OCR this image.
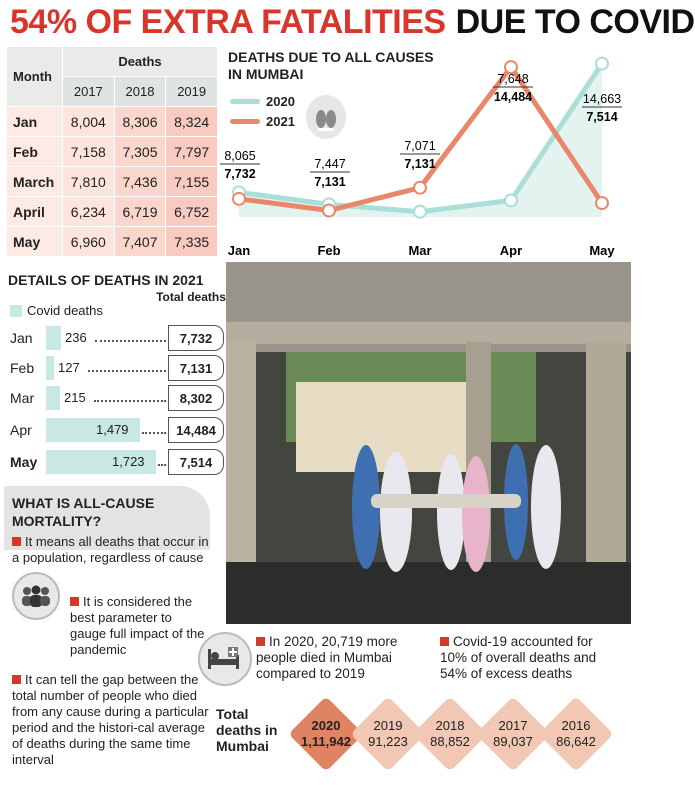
54% OF EXTRA FATALITIES DUE TO COVID
Month	Deaths		
	2017	2018	2019
Jan	8,004	8,306	8,324
Feb	7,158	7,305	7,797
March	7,810	7,436	7,155
April	6,234	6,719	6,752
May	6,960	7,407	7,335
DEATHS DUE TO ALL CAUSES IN MUMBAI
2020
2021
Jan	Feb	Mar	Apr	May
8,065
7,732
7,447
7,131
7,071
7,131
7,648
14,484	14,663
7,514
DETAILS OF DEATHS IN 2021
Covid deaths
Total deaths
Jan	236	7,732
Feb	127	7,131
Mar	215	8,302
Apr	1,479	14,484
May	1,723	7,514
WHAT IS ALL-CAUSE MORTALITY?
It means all deaths that occur in a population, regardless of cause
It is considered the best parameter to gauge full impact of the pandemic
It can tell the gap between the total number of people who died from any cause during a particular period and the histori-cal average of deaths during the same time interval
In 2020, 20,719 more people died in Mumbai compared to 2019
Covid-19 accounted for 10% of overall deaths and 54% of excess deaths
Total deaths in Mumbai
2020
1,11,942
2019
91,223
2018
88,852
2017
89,037
2016
86,642
